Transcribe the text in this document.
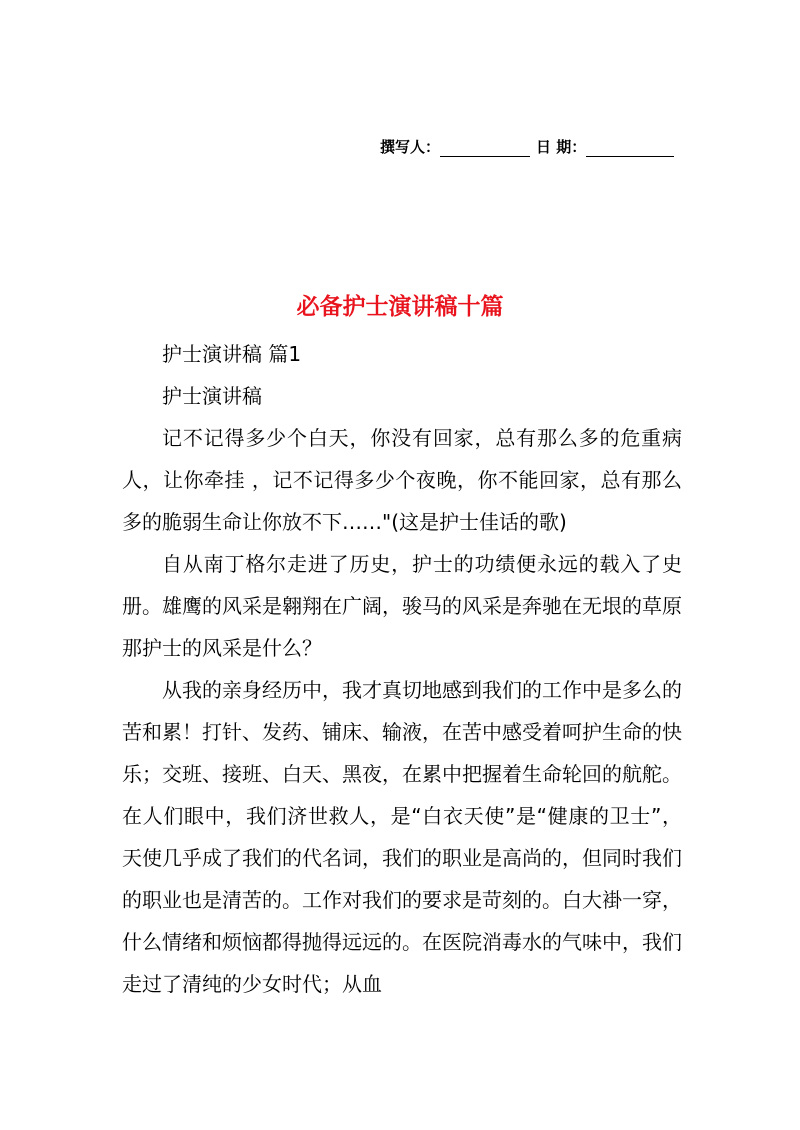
撰写人：	日 期：
必备护士演讲稿十篇

护士演讲稿 篇1

护士演讲稿

记不记得多少个白天，你没有回家，总有那么多的危重病人，让你牵挂 ，记不记得多少个夜晚，你不能回家，总有那么多的脆弱生命让你放不下……"(这是护士佳话的歌)

自从南丁格尔走进了历史，护士的功绩便永远的载入了史册。雄鹰的风采是翱翔在广阔，骏马的风采是奔驰在无垠的草原那护士的风采是什么？

从我的亲身经历中，我才真切地感到我们的工作中是多么的苦和累！打针、发药、铺床、输液，在苦中感受着呵护生命的快乐；交班、接班、白天、黑夜，在累中把握着生命轮回的航舵。 在人们眼中，我们济世救人，是“白衣天使”是“健康的卫士”，天使几乎成了我们的代名词，我们的职业是高尚的，但同时我们的职业也是清苦的。工作对我们的要求是苛刻的。白大褂一穿，什么情绪和烦恼都得抛得远远的。在医院消毒水的气味中，我们走过了清纯的少女时代；从血
